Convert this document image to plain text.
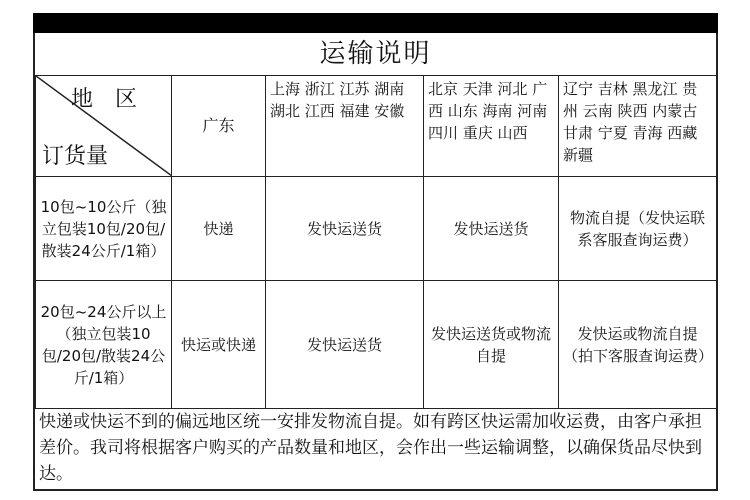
运输说明
地区
订货量	广东	上海 浙江 江苏 湖南 湖北 江西 福建 安徽	北京 天津 河北 广西 山东 海南 河南 四川 重庆 山西	辽宁 吉林 黑龙江 贵州 云南 陕西 内蒙古 甘肃 宁夏 青海 西藏 新疆
10包~10公斤（独立包装10包/20包/散装24公斤/1箱）	快递	发快运送货	发快运送货	物流自提（发快运联系客服查询运费）
20包~24公斤以上（独立包装10包/20包/散装24公斤/1箱）	快运或快递	发快运送货	发快运送货或物流自提	发快运或物流自提（拍下客服查询运费）
快递或快运不到的偏远地区统一安排发物流自提。如有跨区快运需加收运费，由客户承担差价。我司将根据客户购买的产品数量和地区，会作出一些运输调整，以确保货品尽快到达。
